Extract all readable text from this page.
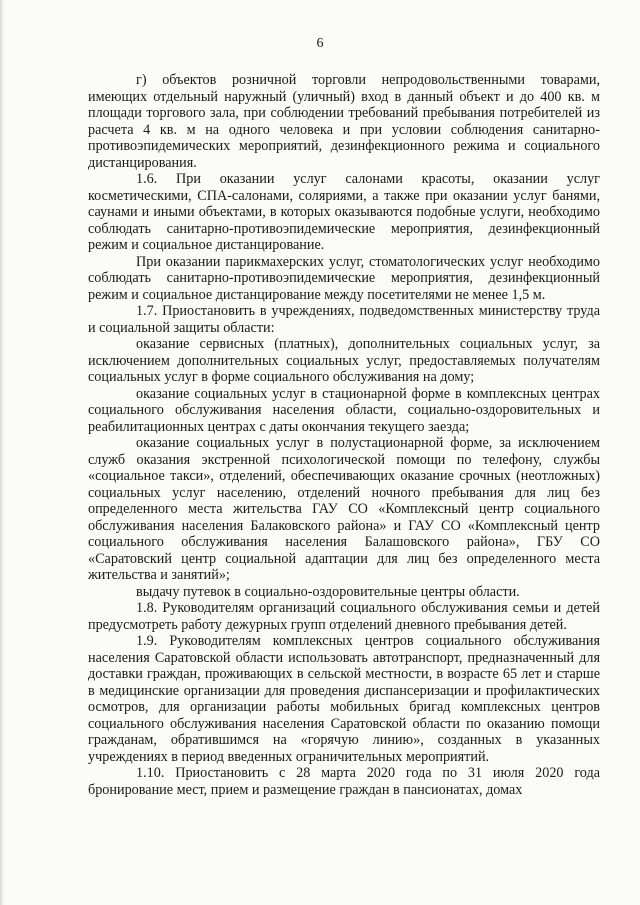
6

г) объектов розничной торговли непродовольственными товарами, имеющих отдельный наружный (уличный) вход в данный объект и до 400 кв. м площади торгового зала, при соблюдении требований пребывания потребителей из расчета 4 кв. м на одного человека и при условии соблюдения санитарно-противоэпидемических мероприятий, дезинфекционного режима и социального дистанцирования.

1.6. При оказании услуг салонами красоты, оказании услуг косметическими, СПА-салонами, соляриями, а также при оказании услуг банями, саунами и иными объектами, в которых оказываются подобные услуги, необходимо соблюдать санитарно-противоэпидемические мероприятия, дезинфекционный режим и социальное дистанцирование.

При оказании парикмахерских услуг, стоматологических услуг необходимо соблюдать санитарно-противоэпидемические мероприятия, дезинфекционный режим и социальное дистанцирование между посетителями не менее 1,5 м.

1.7. Приостановить в учреждениях, подведомственных министерству труда и социальной защиты области:

оказание сервисных (платных), дополнительных социальных услуг, за исключением дополнительных социальных услуг, предоставляемых получателям социальных услуг в форме социального обслуживания на дому;

оказание социальных услуг в стационарной форме в комплексных центрах социального обслуживания населения области, социально-оздоровительных и реабилитационных центрах с даты окончания текущего заезда;

оказание социальных услуг в полустационарной форме, за исключением служб оказания экстренной психологической помощи по телефону, службы «социальное такси», отделений, обеспечивающих оказание срочных (неотложных) социальных услуг населению, отделений ночного пребывания для лиц без определенного места жительства ГАУ СО «Комплексный центр социального обслуживания населения Балаковского района» и ГАУ СО «Комплексный центр социального обслуживания населения Балашовского района», ГБУ СО «Саратовский центр социальной адаптации для лиц без определенного места жительства и занятий»;

выдачу путевок в социально-оздоровительные центры области.

1.8. Руководителям организаций социального обслуживания семьи и детей предусмотреть работу дежурных групп отделений дневного пребывания детей.

1.9. Руководителям комплексных центров социального обслуживания населения Саратовской области использовать автотранспорт, предназначенный для доставки граждан, проживающих в сельской местности, в возрасте 65 лет и старше в медицинские организации для проведения диспансеризации и профилактических осмотров, для организации работы мобильных бригад комплексных центров социального обслуживания населения Саратовской области по оказанию помощи гражданам, обратившимся на «горячую линию», созданных в указанных учреждениях в период введенных ограничительных мероприятий.

1.10. Приостановить с 28 марта 2020 года по 31 июля 2020 года бронирование мест, прием и размещение граждан в пансионатах, домах
